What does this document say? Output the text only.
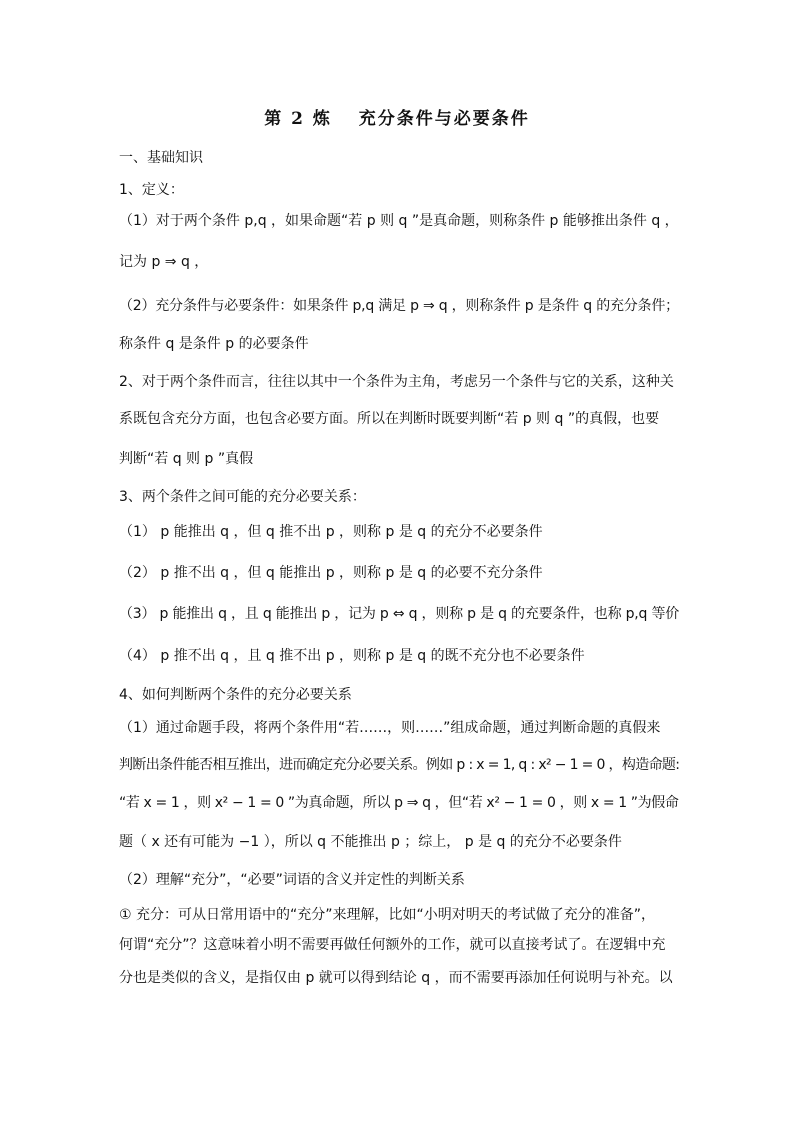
第 2 炼　 充分条件与必要条件
一、基础知识
1、定义：
（1）对于两个条件 p,q ，如果命题“若 p 则 q ”是真命题，则称条件 p 能够推出条件 q ，
记为 p ⇒ q ，
（2）充分条件与必要条件：如果条件 p,q 满足 p ⇒ q ，则称条件 p 是条件 q 的充分条件；
称条件 q 是条件 p 的必要条件
2、对于两个条件而言，往往以其中一个条件为主角，考虑另一个条件与它的关系，这种关
系既包含充分方面，也包含必要方面。所以在判断时既要判断“若 p 则 q ”的真假，也要
判断“若 q 则 p ”真假
3、两个条件之间可能的充分必要关系：
（1） p 能推出 q ，但 q 推不出 p ，则称 p 是 q 的充分不必要条件
（2） p 推不出 q ，但 q 能推出 p ，则称 p 是 q 的必要不充分条件
（3） p 能推出 q ，且 q 能推出 p ，记为 p ⇔ q ，则称 p 是 q 的充要条件，也称 p,q 等价
（4） p 推不出 q ，且 q 推不出 p ，则称 p 是 q 的既不充分也不必要条件
4、如何判断两个条件的充分必要关系
（1）通过命题手段，将两个条件用“若……，则……”组成命题，通过判断命题的真假来
判断出条件能否相互推出，进而确定充分必要关系。例如 p : x = 1, q : x² − 1 = 0 ，构造命题:
“若 x = 1 ，则 x² − 1 = 0 ”为真命题，所以 p ⇒ q ，但“若 x² − 1 = 0 ，则 x = 1 ”为假命
题（ x 还有可能为 −1 ），所以 q 不能推出 p ；综上， p 是 q 的充分不必要条件
（2）理解“充分”，“必要”词语的含义并定性的判断关系
① 充分：可从日常用语中的“充分”来理解，比如“小明对明天的考试做了充分的准备”，
何谓“充分”？这意味着小明不需要再做任何额外的工作，就可以直接考试了。在逻辑中充
分也是类似的含义，是指仅由 p 就可以得到结论 q ，而不需要再添加任何说明与补充。以
